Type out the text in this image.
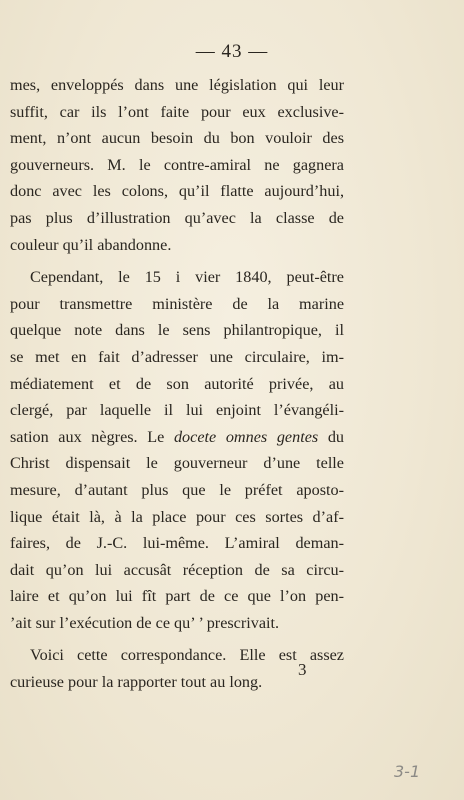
— 43 —
mes, enveloppés dans une législation qui leur
suffit, car ils l’ont faite pour eux exclusive-
ment, n’ont aucun besoin du bon vouloir des
gouverneurs. M. le contre-amiral ne gagnera
donc avec les colons, qu’il flatte aujourd’hui,
pas plus d’illustration qu’avec la classe de
couleur qu’il abandonne.
Cependant, le 15 i vier 1840, peut-être
pour transmettre ministère de la marine
quelque note dans le sens philantropique, il
se met en fait d’adresser une circulaire, im-
médiatement et de son autorité privée, au
clergé, par laquelle il lui enjoint l’évangéli-
sation aux nègres. Le docete omnes gentes du
Christ dispensait le gouverneur d’une telle
mesure, d’autant plus que le préfet aposto-
lique était là, à la place pour ces sortes d’af-
faires, de J.-C. lui-même. L’amiral deman-
dait qu’on lui accusât réception de sa circu-
laire et qu’on lui fît part de ce que l’on pen-
’ait sur l’exécution de ce qu’ ’ prescrivait.
Voici cette correspondance. Elle est assez
curieuse pour la rapporter tout au long.
3
3-1
